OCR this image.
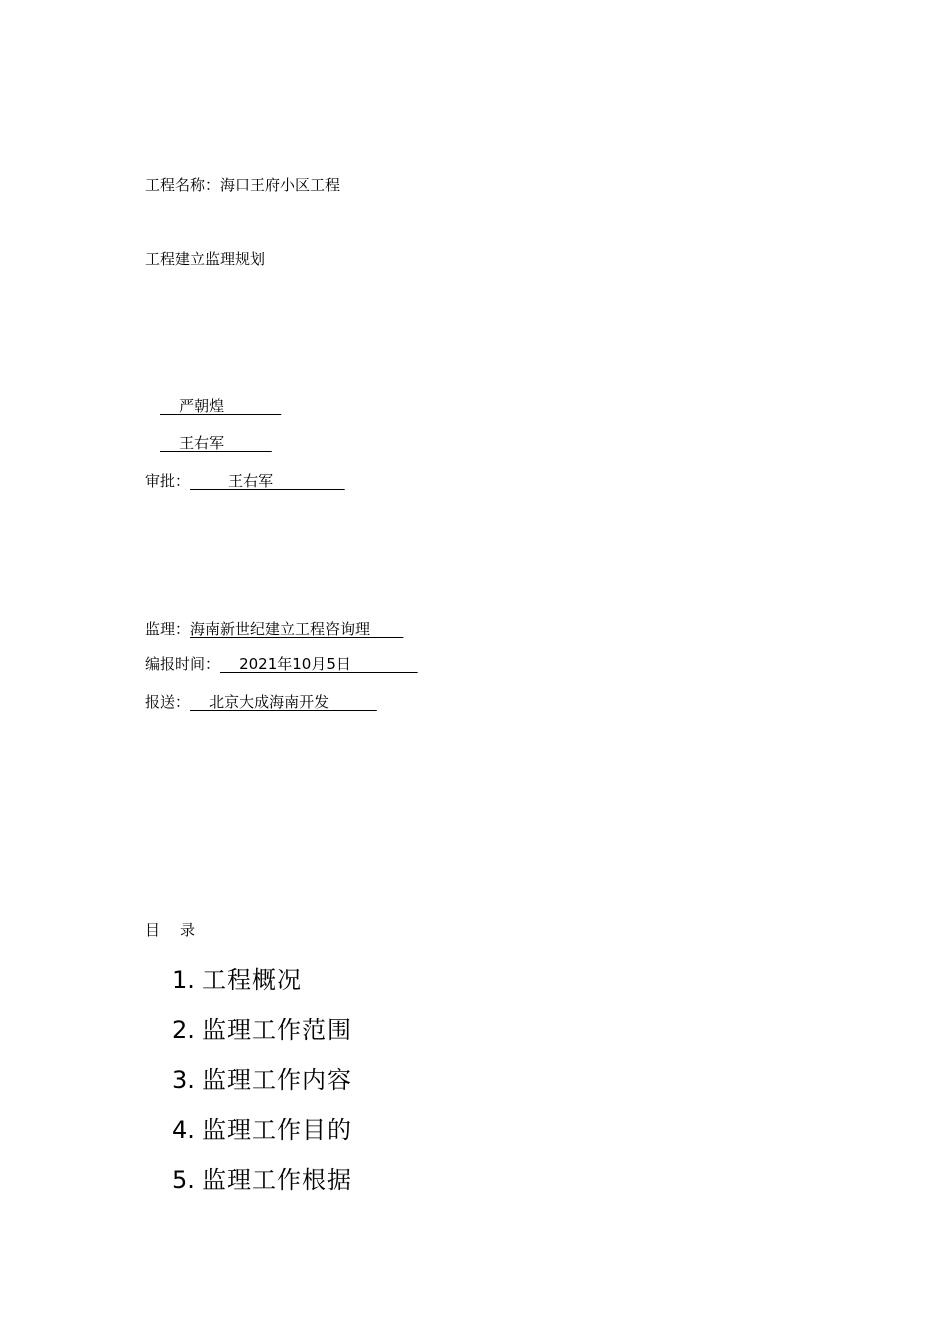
工程名称：海口王府小区工程
工程建立监理规划
严朝煌
王右军
审批：        王右军
监理：海南新世纪建立工程咨询理
编报时间：    2021年10月5日
报送：    北京大成海南开发
目录
1. 工程概况
2. 监理工作范围
3. 监理工作内容
4. 监理工作目的
5. 监理工作根据
